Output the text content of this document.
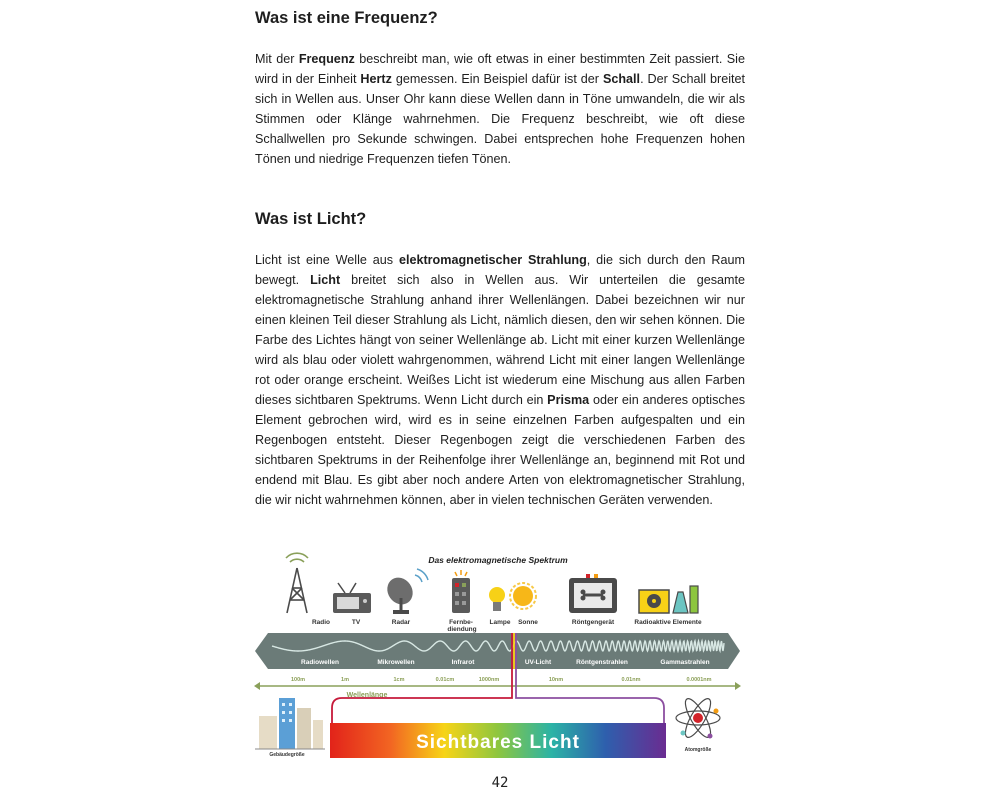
Was ist eine Frequenz?
Mit der Frequenz beschreibt man, wie oft etwas in einer bestimmten Zeit passiert. Sie wird in der Einheit Hertz gemessen. Ein Beispiel dafür ist der Schall. Der Schall breitet sich in Wellen aus. Unser Ohr kann diese Wellen dann in Töne umwandeln, die wir als Stimmen oder Klänge wahrnehmen. Die Frequenz beschreibt, wie oft diese Schallwellen pro Sekunde schwingen. Dabei entsprechen hohe Frequenzen hohen Tönen und niedrige Frequenzen tiefen Tönen.
Was ist Licht?
Licht ist eine Welle aus elektromagnetischer Strahlung, die sich durch den Raum bewegt. Licht breitet sich also in Wellen aus. Wir unterteilen die gesamte elektromagnetische Strahlung anhand ihrer Wellenlängen. Dabei bezeichnen wir nur einen kleinen Teil dieser Strahlung als Licht, nämlich diesen, den wir sehen können. Die Farbe des Lichtes hängt von seiner Wellenlänge ab. Licht mit einer kurzen Wellenlänge wird als blau oder violett wahrgenommen, während Licht mit einer langen Wellenlänge rot oder orange erscheint. Weißes Licht ist wiederum eine Mischung aus allen Farben dieses sichtbaren Spektrums. Wenn Licht durch ein Prisma oder ein anderes optisches Element gebrochen wird, wird es in seine einzelnen Farben aufgespalten und ein Regenbogen entsteht. Dieser Regenbogen zeigt die verschiedenen Farben des sichtbaren Spektrums in der Reihenfolge ihrer Wellenlänge an, beginnend mit Rot und endend mit Blau. Es gibt aber noch andere Arten von elektromagnetischer Strahlung, die wir nicht wahrnehmen können, aber in vielen technischen Geräten verwenden.
Das elektromagnetische Spektrum
Radio	TV	Radar	Fernbe-
diendung
Lampe Sonne	Röntgengerät	Radioaktive Elemente
Radiowellen	Mikrowellen	Infrarot	UV-Licht	Röntgenstrahlen	Gammastrahlen
100m	1m	1cm	0.01cm	1000nm	10nm	0.01nm	0.0001nm
Wellenlänge
Sichtbares Licht
Gebäudegröße
Atomgröße
42
